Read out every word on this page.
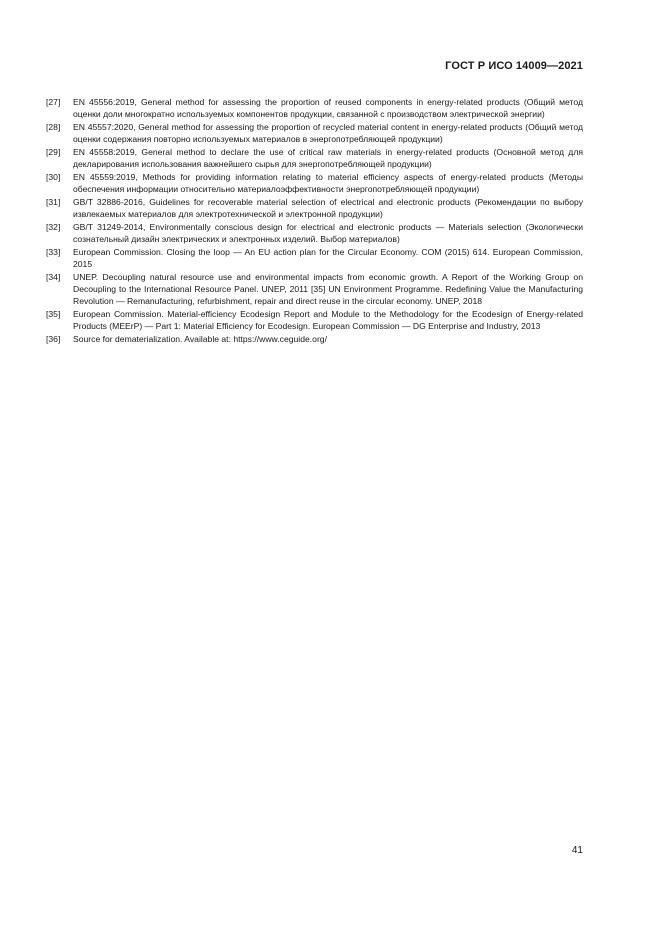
ГОСТ Р ИСО 14009—2021
[27]	EN 45556:2019, General method for assessing the proportion of reused components in energy-related products (Общий метод оценки доли многократно используемых компонентов продукции, связанной с производством электрической энергии)
[28]	EN 45557:2020, General method for assessing the proportion of recycled material content in energy-related products (Общий метод оценки содержания повторно используемых материалов в энергопотребляющей продукции)
[29]	EN 45558:2019, General method to declare the use of critical raw materials in energy-related products (Основной метод для декларирования использования важнейшего сырья для энергопотребляющей продукции)
[30]	EN 45559:2019, Methods for providing information relating to material efficiency aspects of energy-related products (Методы обеспечения информации относительно материалоэффективности энергопотребляющей продукции)
[31]	GB/T 32886-2016, Guidelines for recoverable material selection of electrical and electronic products (Рекомендации по выбору извлекаемых материалов для электротехнической и электронной продукции)
[32]	GB/T 31249-2014, Environmentally conscious design for electrical and electronic products — Materials selection (Экологически сознательный дизайн электрических и электронных изделий. Выбор материалов)
[33]	European Commission. Closing the loop — An EU action plan for the Circular Economy. COM (2015) 614. European Commission, 2015
[34]	UNEP. Decoupling natural resource use and environmental impacts from economic growth. A Report of the Working Group on Decoupling to the International Resource Panel. UNEP, 2011 [35] UN Environment Programme. Redefining Value the Manufacturing Revolution — Remanufacturing, refurbishment, repair and direct reuse in the circular economy. UNEP, 2018
[35]	European Commission. Material-efficiency Ecodesign Report and Module to the Methodology for the Ecodesign of Energy-related Products (MEErP) — Part 1: Material Efficiency for Ecodesign. European Commission — DG Enterprise and Industry, 2013
[36]	Source for dematerialization. Available at: https://www.ceguide.org/
41
